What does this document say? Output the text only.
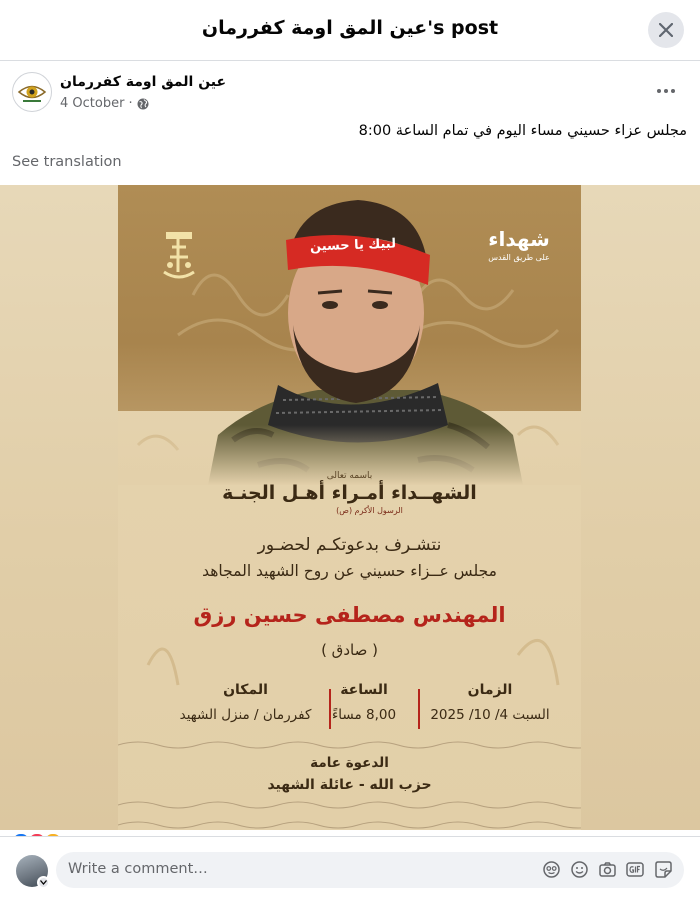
عين المق اومة كفررمان's post
عين المق اومة كفررمان
4 October ·
مجلس عزاء حسيني مساء اليوم في تمام الساعة 8:00
See translation
لبيك يا حسين	شهداء
على طريق القدس
باسمه تعالى
الشهــداء أمـراء أهـل الجنـة
الرسول الأكرم (ص)
نتشـرف بدعوتكـم لحضـور
مجلس عــزاء حسيني عن روح الشهيد المجاهد
المهندس مصطفى حسين رزق
( صادق )
الزمان
السبت 4/ 10/ 2025
الساعة
8,00 مساءً
المكان
كفررمان / منزل الشهيد
الدعوة عامة
حزب الله - عائلة الشهيد
Write a comment…
